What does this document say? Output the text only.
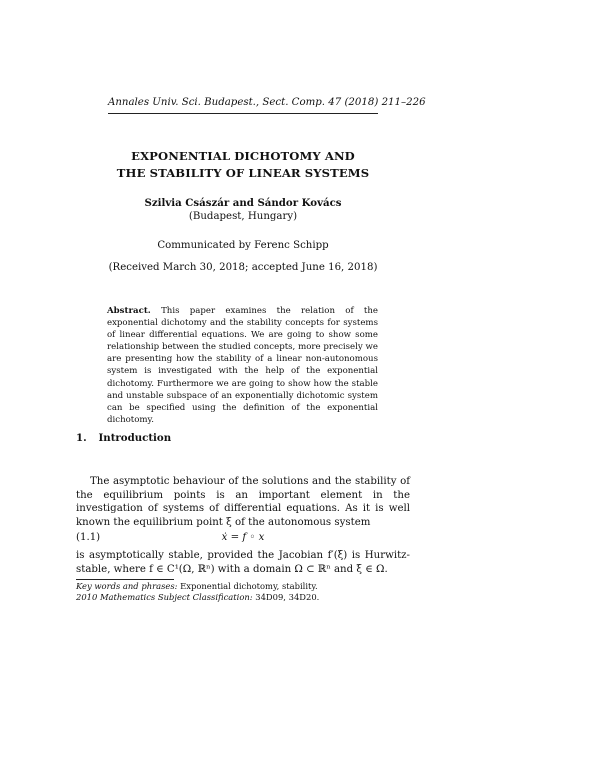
Annales Univ. Sci. Budapest., Sect. Comp. 47 (2018) 211–226
EXPONENTIAL DICHOTOMY AND
THE STABILITY OF LINEAR SYSTEMS
Szilvia Császár and Sándor Kovács
(Budapest, Hungary)
Communicated by Ferenc Schipp
(Received March 30, 2018; accepted June 16, 2018)
Abstract. This paper examines the relation of the exponential dichotomy and the stability concepts for systems of linear differential equations. We are going to show some relationship between the studied concepts, more precisely we are presenting how the stability of a linear non-autonomous system is investigated with the help of the exponential dichotomy. Furthermore we are going to show how the stable and unstable subspace of an exponentially dichotomic system can be specified using the definition of the exponential dichotomy.
1. Introduction
The asymptotic behaviour of the solutions and the stability of the equilibrium points is an important element in the investigation of systems of differential equations. As it is well known the equilibrium point ξ of the autonomous system
(1.1)	ẋ = f ◦ x
is asymptotically stable, provided the Jacobian f′(ξ) is Hurwitz-stable, where f ∈ C¹(Ω, ℝⁿ) with a domain Ω ⊂ ℝⁿ and ξ ∈ Ω.
Key words and phrases: Exponential dichotomy, stability.
2010 Mathematics Subject Classification: 34D09, 34D20.
